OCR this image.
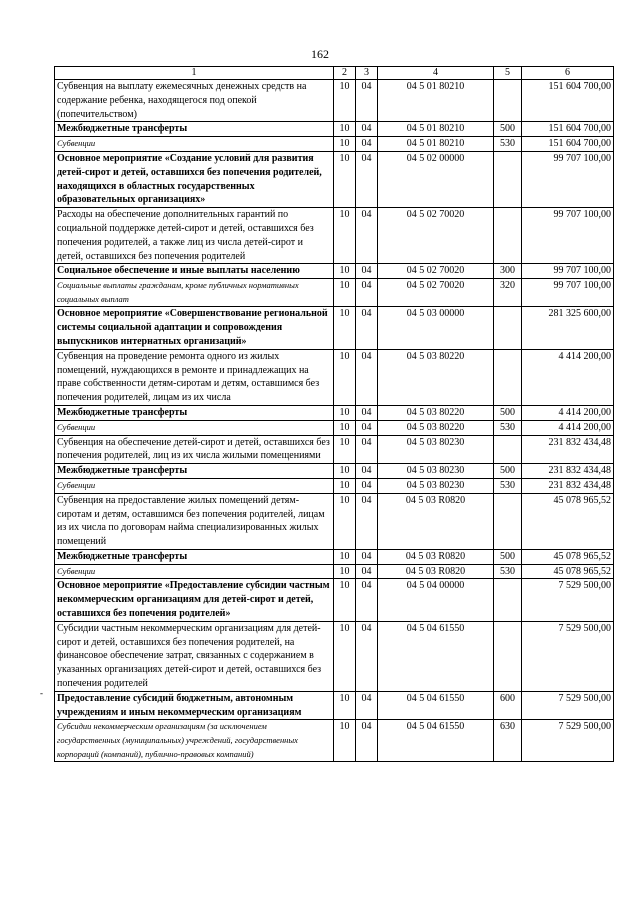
162
-
1	2	3	4	5	6
Субвенция на выплату ежемесячных денежных средств на содержание ребенка, находящегося под опекой (попечительством)	10	04	04 5 01 80210		151 604 700,00
Межбюджетные трансферты	10	04	04 5 01 80210	500	151 604 700,00
Субвенции	10	04	04 5 01 80210	530	151 604 700,00
Основное мероприятие «Создание условий для развития детей-сирот и детей, оставшихся без попечения родителей, находящихся в областных государственных образовательных организациях»	10	04	04 5 02 00000		99 707 100,00
Расходы на обеспечение дополнительных гарантий по социальной поддержке детей-сирот и детей, оставшихся без попечения родителей, а также лиц из числа детей-сирот и детей, оставшихся без попечения родителей	10	04	04 5 02 70020		99 707 100,00
Социальное обеспечение и иные выплаты населению	10	04	04 5 02 70020	300	99 707 100,00
Социальные выплаты гражданам, кроме публичных нормативных социальных выплат	10	04	04 5 02 70020	320	99 707 100,00
Основное мероприятие «Совершенствование региональной системы социальной адаптации и сопровождения выпускников интернатных организаций»	10	04	04 5 03 00000		281 325 600,00
Субвенция на проведение ремонта одного из жилых помещений, нуждающихся в ремонте и принадлежащих на праве собственности детям-сиротам и детям, оставшимся без попечения родителей, лицам из их числа	10	04	04 5 03 80220		4 414 200,00
Межбюджетные трансферты	10	04	04 5 03 80220	500	4 414 200,00
Субвенции	10	04	04 5 03 80220	530	4 414 200,00
Субвенция на обеспечение детей-сирот и детей, оставшихся без попечения родителей, лиц из их числа жилыми помещениями	10	04	04 5 03 80230		231 832 434,48
Межбюджетные трансферты	10	04	04 5 03 80230	500	231 832 434,48
Субвенции	10	04	04 5 03 80230	530	231 832 434,48
Субвенция на предоставление жилых помещений детям-сиротам и детям, оставшимся без попечения родителей, лицам из их числа по договорам найма специализированных жилых помещений	10	04	04 5 03 R0820		45 078 965,52
Межбюджетные трансферты	10	04	04 5 03 R0820	500	45 078 965,52
Субвенции	10	04	04 5 03 R0820	530	45 078 965,52
Основное мероприятие «Предоставление субсидии частным некоммерческим организациям для детей-сирот и детей, оставшихся без попечения родителей»	10	04	04 5 04 00000		7 529 500,00
Субсидии частным некоммерческим организациям для детей-сирот и детей, оставшихся без попечения родителей, на финансовое обеспечение затрат, связанных с содержанием в указанных организациях детей-сирот и детей, оставшихся без попечения родителей	10	04	04 5 04 61550		7 529 500,00
Предоставление субсидий бюджетным, автономным учреждениям и иным некоммерческим организациям	10	04	04 5 04 61550	600	7 529 500,00
Субсидии некоммерческим организациям (за исключением государственных (муниципальных) учреждений, государственных корпораций (компаний), публично-правовых компаний)	10	04	04 5 04 61550	630	7 529 500,00
